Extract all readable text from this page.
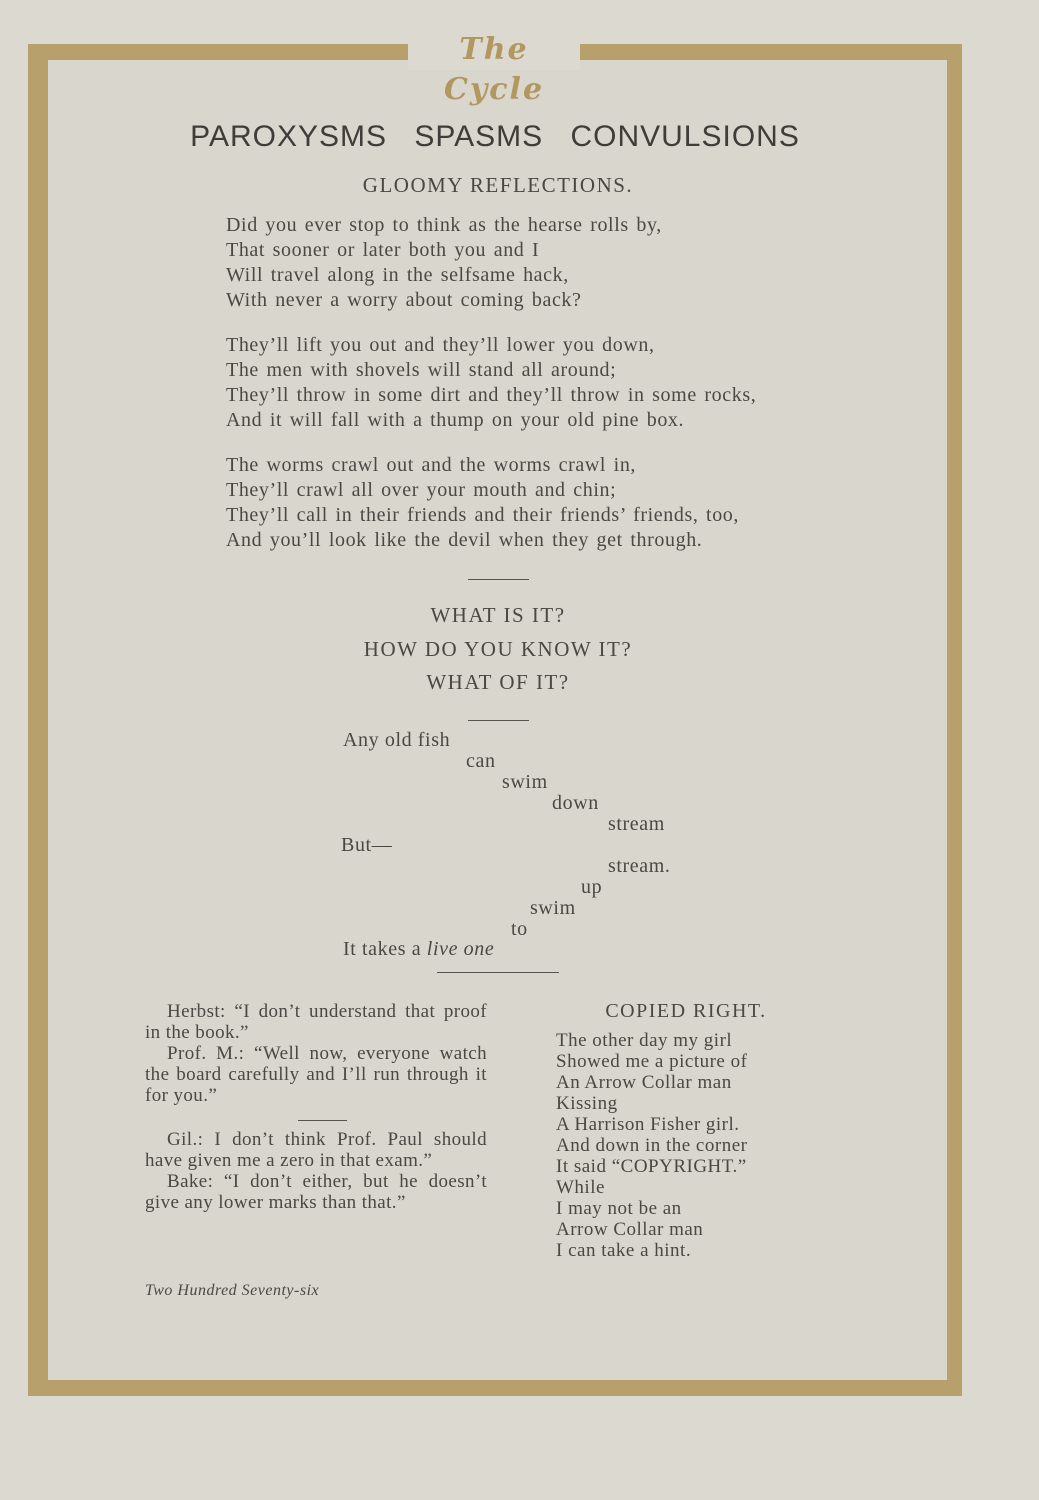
The Cycle
PAROXYSMS SPASMS CONVULSIONS
GLOOMY REFLECTIONS.
Did you ever stop to think as the hearse rolls by,
That sooner or later both you and I
Will travel along in the selfsame hack,
With never a worry about coming back?
They’ll lift you out and they’ll lower you down,
The men with shovels will stand all around;
They’ll throw in some dirt and they’ll throw in some rocks,
And it will fall with a thump on your old pine box.
The worms crawl out and the worms crawl in,
They’ll crawl all over your mouth and chin;
They’ll call in their friends and their friends’ friends, too,
And you’ll look like the devil when they get through.
WHAT IS IT?
HOW DO YOU KNOW IT?
WHAT OF IT?
Any old fish
can
swim
down
stream
But—
stream.
up
swim
to
It takes a live one

Herbst: “I don’t understand that proof in the book.”

Prof. M.: “Well now, everyone watch the board carefully and I’ll run through it for you.”

Gil.: I don’t think Prof. Paul should have given me a zero in that exam.”

Bake: “I don’t either, but he doesn’t give any lower marks than that.”

COPIED RIGHT.
The other day my girl
Showed me a picture of
An Arrow Collar man
Kissing
A Harrison Fisher girl.
And down in the corner
It said “COPYRIGHT.”
While
I may not be an
Arrow Collar man
I can take a hint.
Two Hundred Seventy-six
